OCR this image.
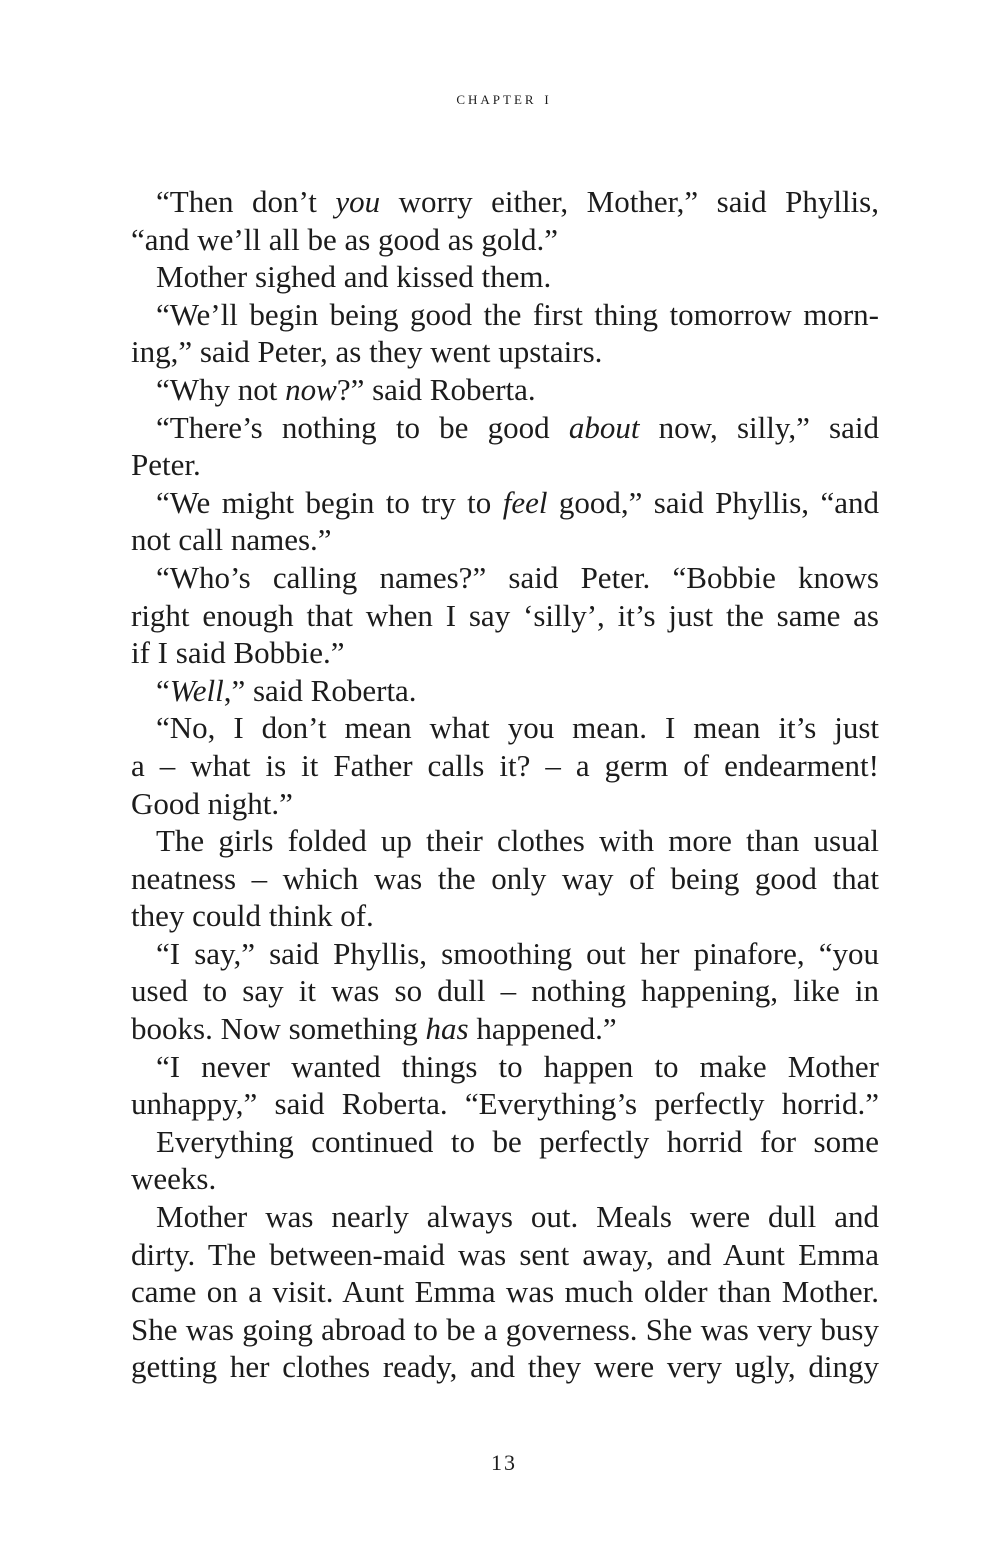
chapter i
“Then don’t you worry either, Mother,” said Phyllis,
“and we’ll all be as good as gold.”
Mother sighed and kissed them.
“We’ll begin being good the first thing tomorrow morn-
ing,” said Peter, as they went upstairs.
“Why not now?” said Roberta.
“There’s nothing to be good about now, silly,” said
Peter.
“We might begin to try to feel good,” said Phyllis, “and
not call names.”
“Who’s calling names?” said Peter. “Bobbie knows
right enough that when I say ‘silly’, it’s just the same as
if I said Bobbie.”
“Well,” said Roberta.
“No, I don’t mean what you mean. I mean it’s just
a – what is it Father calls it? – a germ of endearment!
Good night.”
The girls folded up their clothes with more than usual
neatness – which was the only way of being good that
they could think of.
“I say,” said Phyllis, smoothing out her pinafore, “you
used to say it was so dull – nothing happening, like in
books. Now something has happened.”
“I never wanted things to happen to make Mother
unhappy,” said Roberta. “Everything’s perfectly horrid.”
Everything continued to be perfectly horrid for some
weeks.
Mother was nearly always out. Meals were dull and
dirty. The between-maid was sent away, and Aunt Emma
came on a visit. Aunt Emma was much older than Mother.
She was going abroad to be a governess. She was very busy
getting her clothes ready, and they were very ugly, dingy
13
